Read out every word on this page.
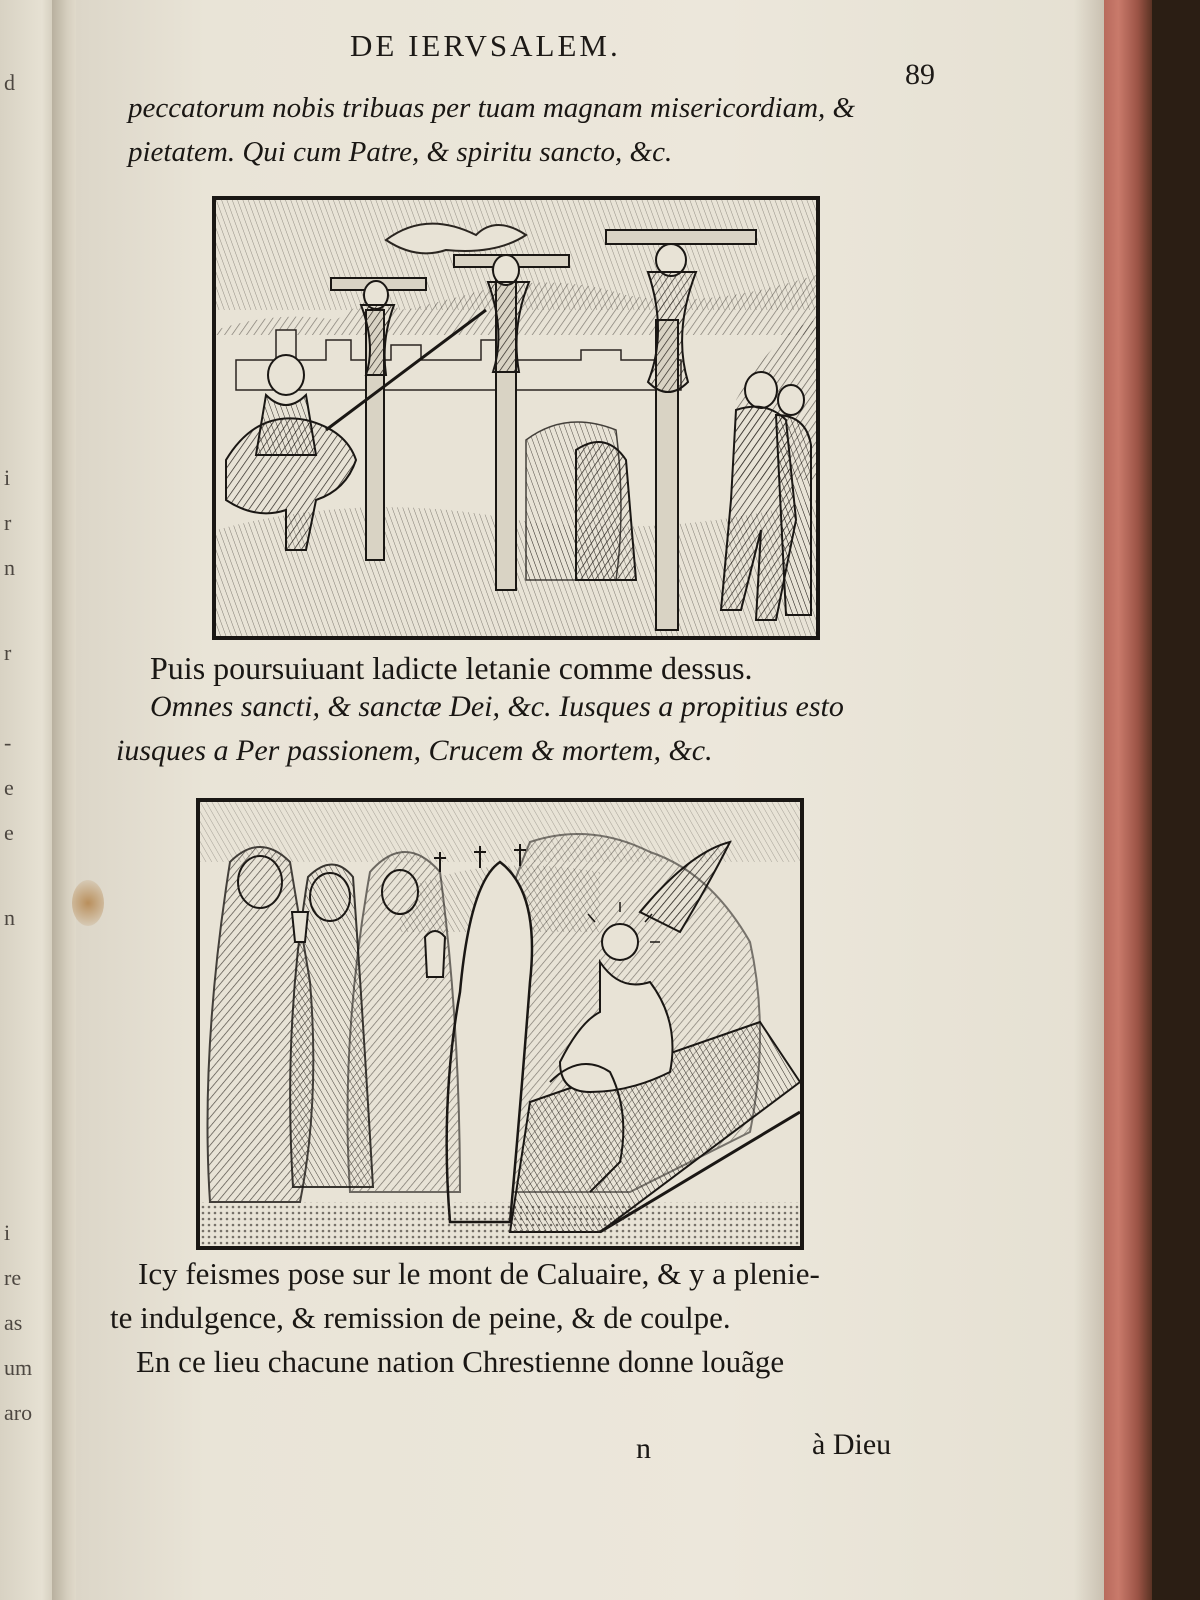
d
i
r
n
r
-
e
e
n
i
re
as
um
aro
DE IERVSALEM.
89
peccatorum nobis tribuas per tuam magnam misericordiam, &
pietatem. Qui cum Patre, & spiritu sancto, &c.
Puis poursuiuant ladicte letanie comme dessus.
Omnes sancti, & sanctæ Dei, &c. Iusques a propitius esto
iusques a Per passionem, Crucem & mortem, &c.
Icy feismes pose sur le mont de Caluaire, & y a plenie-
te indulgence, & remission de peine, & de coulpe.
En ce lieu chacune nation Chrestienne donne louãge
n	à Dieu
